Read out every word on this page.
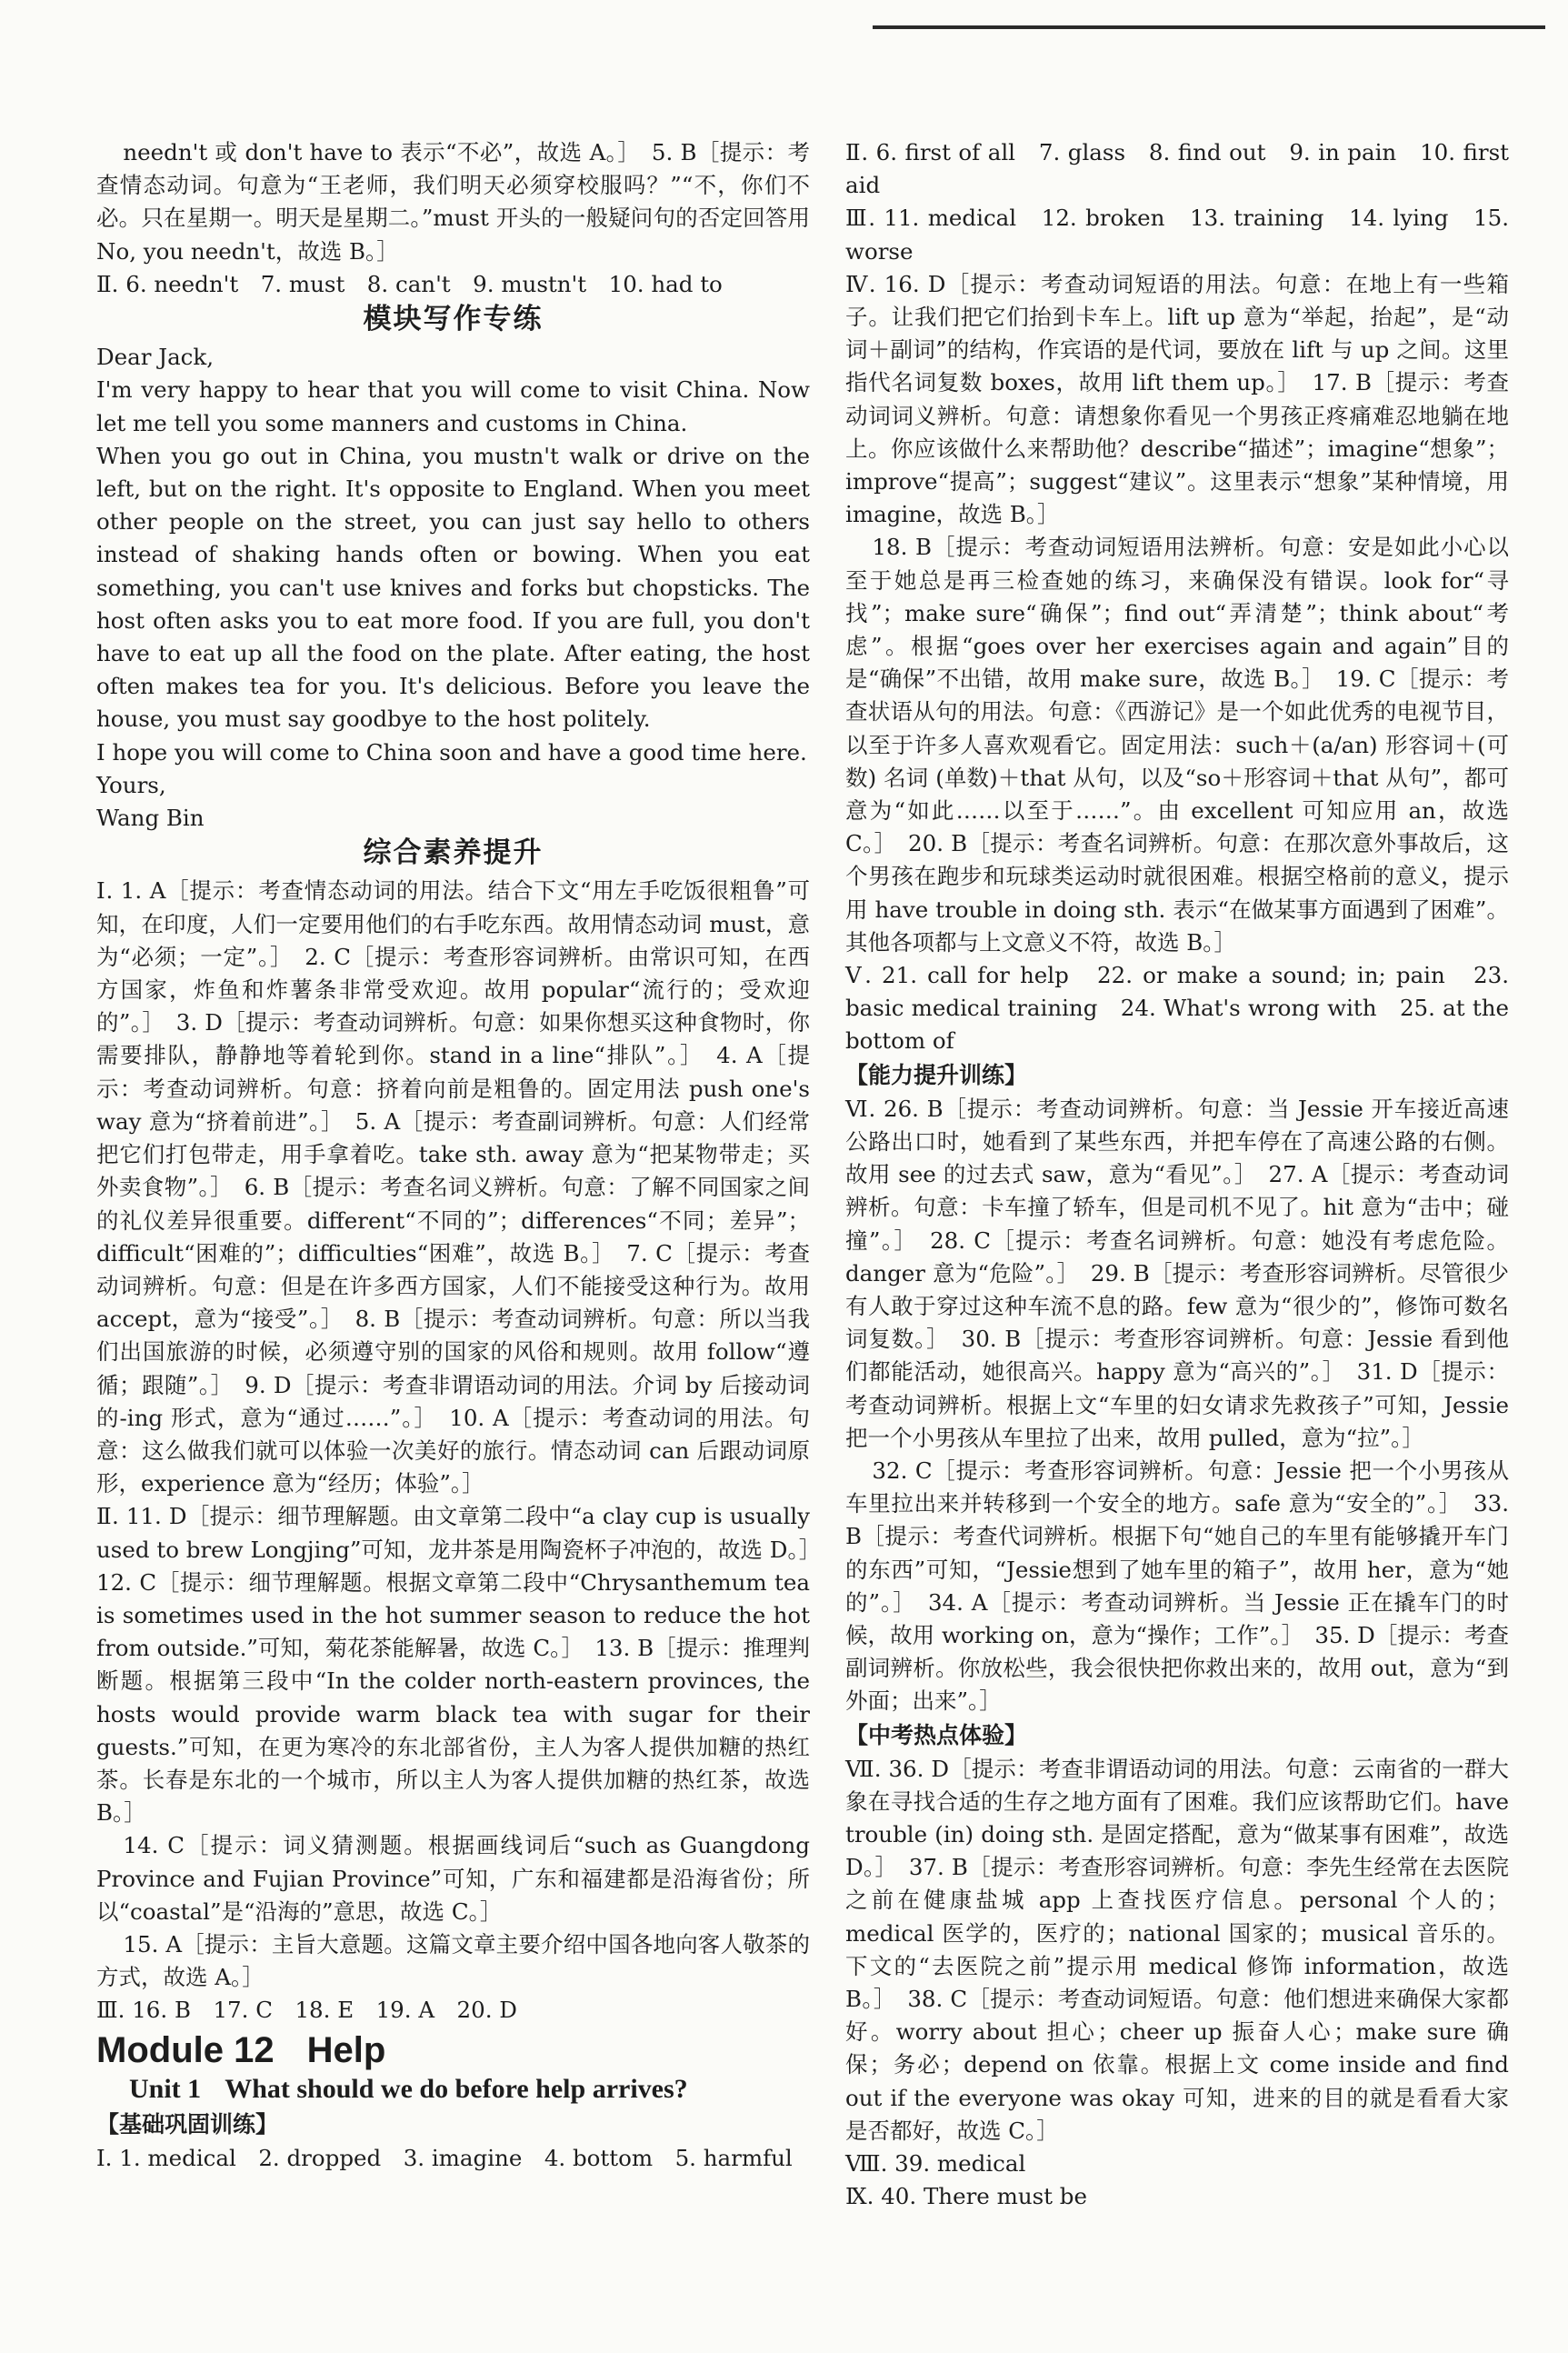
needn't 或 don't have to 表示“不必”，故选 A。］　5. B［提示：考查情态动词。句意为“王老师，我们明天必须穿校服吗？”“不，你们不必。只在星期一。明天是星期二。”must 开头的一般疑问句的否定回答用 No, you needn't，故选 B。］

Ⅱ. 6. needn't　7. must　8. can't　9. mustn't　10. had to

模块写作专练

Dear Jack,

I'm very happy to hear that you will come to visit China. Now let me tell you some manners and customs in China.

When you go out in China, you mustn't walk or drive on the left, but on the right. It's opposite to England. When you meet other people on the street, you can just say hello to others instead of shaking hands often or bowing. When you eat something, you can't use knives and forks but chopsticks. The host often asks you to eat more food. If you are full, you don't have to eat up all the food on the plate. After eating, the host often makes tea for you. It's delicious. Before you leave the house, you must say goodbye to the host politely.

I hope you will come to China soon and have a good time here.

Yours,

Wang Bin

综合素养提升

Ⅰ. 1. A［提示：考查情态动词的用法。结合下文“用左手吃饭很粗鲁”可知，在印度，人们一定要用他们的右手吃东西。故用情态动词 must，意为“必须；一定”。］　2. C［提示：考查形容词辨析。由常识可知，在西方国家，炸鱼和炸薯条非常受欢迎。故用 popular“流行的；受欢迎的”。］　3. D［提示：考查动词辨析。句意：如果你想买这种食物时，你需要排队，静静地等着轮到你。stand in a line“排队”。］　4. A［提示：考查动词辨析。句意：挤着向前是粗鲁的。固定用法 push one's way 意为“挤着前进”。］　5. A［提示：考查副词辨析。句意：人们经常把它们打包带走，用手拿着吃。take sth. away 意为“把某物带走；买外卖食物”。］　6. B［提示：考查名词义辨析。句意：了解不同国家之间的礼仪差异很重要。different“不同的”；differences“不同；差异”；difficult“困难的”；difficulties“困难”，故选 B。］　7. C［提示：考查动词辨析。句意：但是在许多西方国家，人们不能接受这种行为。故用 accept，意为“接受”。］　8. B［提示：考查动词辨析。句意：所以当我们出国旅游的时候，必须遵守别的国家的风俗和规则。故用 follow“遵循；跟随”。］　9. D［提示：考查非谓语动词的用法。介词 by 后接动词的-ing 形式，意为“通过……”。］　10. A［提示：考查动词的用法。句意：这么做我们就可以体验一次美好的旅行。情态动词 can 后跟动词原形，experience 意为“经历；体验”。］

Ⅱ. 11. D［提示：细节理解题。由文章第二段中“a clay cup is usually used to brew Longjing”可知，龙井茶是用陶瓷杯子冲泡的，故选 D。］　12. C［提示：细节理解题。根据文章第二段中“Chrysanthemum tea is sometimes used in the hot summer season to reduce the hot from outside.”可知，菊花茶能解暑，故选 C。］　13. B［提示：推理判断题。根据第三段中“In the colder north-eastern provinces, the hosts would provide warm black tea with sugar for their guests.”可知，在更为寒冷的东北部省份，主人为客人提供加糖的热红茶。长春是东北的一个城市，所以主人为客人提供加糖的热红茶，故选 B。］

14. C［提示：词义猜测题。根据画线词后“such as Guangdong Province and Fujian Province”可知，广东和福建都是沿海省份；所以“coastal”是“沿海的”意思，故选 C。］

15. A［提示：主旨大意题。这篇文章主要介绍中国各地向客人敬茶的方式，故选 A。］

Ⅲ. 16. B　17. C　18. E　19. A　20. D

Module 12 Help
Unit 1 What should we do before help arrives?
【基础巩固训练】

Ⅰ. 1. medical　2. dropped　3. imagine　4. bottom　5. harmful

Ⅱ. 6. first of all　7. glass　8. find out　9. in pain　10. first aid

Ⅲ. 11. medical　12. broken　13. training　14. lying　15. worse

Ⅳ. 16. D［提示：考查动词短语的用法。句意：在地上有一些箱子。让我们把它们抬到卡车上。lift up 意为“举起，抬起”，是“动词＋副词”的结构，作宾语的是代词，要放在 lift 与 up 之间。这里指代名词复数 boxes，故用 lift them up。］　17. B［提示：考查动词词义辨析。句意：请想象你看见一个男孩正疼痛难忍地躺在地上。你应该做什么来帮助他？describe“描述”；imagine“想象”；improve“提高”；suggest“建议”。这里表示“想象”某种情境，用 imagine，故选 B。］

18. B［提示：考查动词短语用法辨析。句意：安是如此小心以至于她总是再三检查她的练习，来确保没有错误。look for“寻找”；make sure“确保”；find out“弄清楚”；think about“考虑”。根据“goes over her exercises again and again”目的是“确保”不出错，故用 make sure，故选 B。］　19. C［提示：考查状语从句的用法。句意：《西游记》是一个如此优秀的电视节目，以至于许多人喜欢观看它。固定用法：such＋(a/an) 形容词＋(可数) 名词 (单数)＋that 从句，以及“so＋形容词＋that 从句”，都可意为“如此……以至于……”。由 excellent 可知应用 an，故选 C。］　20. B［提示：考查名词辨析。句意：在那次意外事故后，这个男孩在跑步和玩球类运动时就很困难。根据空格前的意义，提示用 have trouble in doing sth. 表示“在做某事方面遇到了困难”。其他各项都与上文意义不符，故选 B。］

Ⅴ. 21. call for help　22. or make a sound; in; pain　23. basic medical training　24. What's wrong with　25. at the bottom of

【能力提升训练】

Ⅵ. 26. B［提示：考查动词辨析。句意：当 Jessie 开车接近高速公路出口时，她看到了某些东西，并把车停在了高速公路的右侧。故用 see 的过去式 saw，意为“看见”。］　27. A［提示：考查动词辨析。句意：卡车撞了轿车，但是司机不见了。hit 意为“击中；碰撞”。］　28. C［提示：考查名词辨析。句意：她没有考虑危险。danger 意为“危险”。］　29. B［提示：考查形容词辨析。尽管很少有人敢于穿过这种车流不息的路。few 意为“很少的”，修饰可数名词复数。］　30. B［提示：考查形容词辨析。句意：Jessie 看到他们都能活动，她很高兴。happy 意为“高兴的”。］　31. D［提示：考查动词辨析。根据上文“车里的妇女请求先救孩子”可知，Jessie 把一个小男孩从车里拉了出来，故用 pulled，意为“拉”。］

32. C［提示：考查形容词辨析。句意：Jessie 把一个小男孩从车里拉出来并转移到一个安全的地方。safe 意为“安全的”。］　33. B［提示：考查代词辨析。根据下句“她自己的车里有能够撬开车门的东西”可知，“Jessie想到了她车里的箱子”，故用 her，意为“她的”。］　34. A［提示：考查动词辨析。当 Jessie 正在撬车门的时候，故用 working on，意为“操作；工作”。］　35. D［提示：考查副词辨析。你放松些，我会很快把你救出来的，故用 out，意为“到外面；出来”。］

【中考热点体验】

Ⅶ. 36. D［提示：考查非谓语动词的用法。句意：云南省的一群大象在寻找合适的生存之地方面有了困难。我们应该帮助它们。have trouble (in) doing sth. 是固定搭配，意为“做某事有困难”，故选 D。］　37. B［提示：考查形容词辨析。句意：李先生经常在去医院之前在健康盐城 app 上查找医疗信息。personal 个人的；medical 医学的，医疗的；national 国家的；musical 音乐的。下文的“去医院之前”提示用 medical 修饰 information，故选 B。］　38. C［提示：考查动词短语。句意：他们想进来确保大家都好。worry about 担心；cheer up 振奋人心；make sure 确保；务必；depend on 依靠。根据上文 come inside and find out if the everyone was okay 可知，进来的目的就是看看大家是否都好，故选 C。］

Ⅷ. 39. medical

Ⅸ. 40. There must be
